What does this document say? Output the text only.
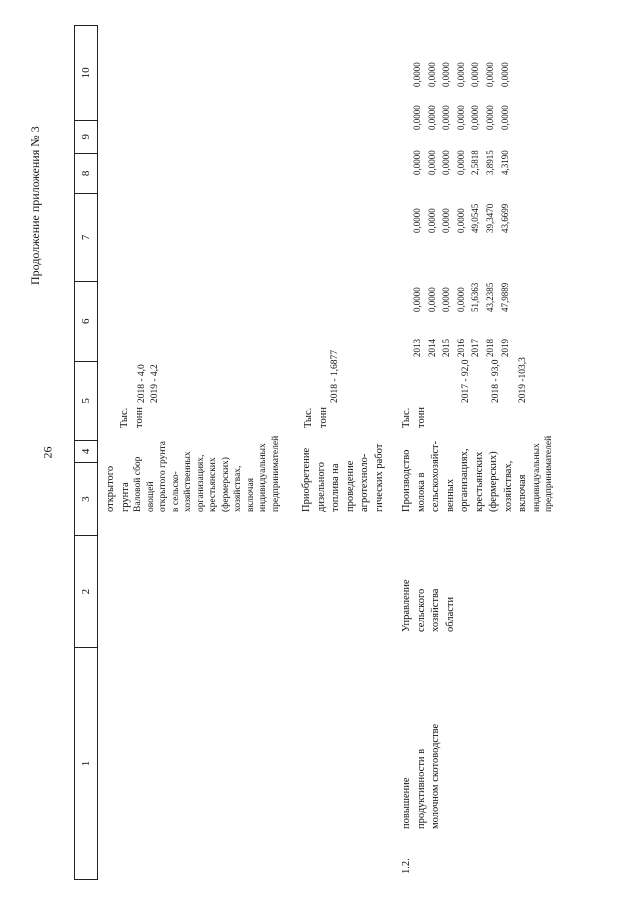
26
Продолжение приложения № 3
1
2
3
4
5
6
7
8
9
10
открытого грунта Валовой сбор овощей открытого грунта в сельско- хозяйственных организациях, крестьянских (фермерских) хозяйствах, включая индивидуальных предпринимателей
Тыс. тонн
2018 - 4,0 2019 - 4,2
Приобретение дизельного топлива на проведение агротехноло- гических работ
Тыс. тонн
2018 - 1,6877
1.2.
повышение продуктивности в молочном скотоводстве
Управление сельского хозяйства области
Производство молока в сельскохозяйст- венных организациях, крестьянских (фермерских) хозяйствах, включая индивидуальных предпринимателей
Тыс. тонн
2017 - 92,0 2018 - 93,0 2019 -103,3
2013 2014 2015 2016 2017 2018 2019
0,0000 0,0000 0,0000 0,0000 51,6363 43,2385 47,9889
0,0000 0,0000 0,0000 0,0000 49,0545 39,3470 43,6699
0,0000 0,0000 0,0000 0,0000 2,5818 3,8915 4,3190
0,0000 0,0000 0,0000 0,0000 0,0000 0,0000 0,0000
0,0000 0,0000 0,0000 0,0000 0,0000 0,0000 0,0000
